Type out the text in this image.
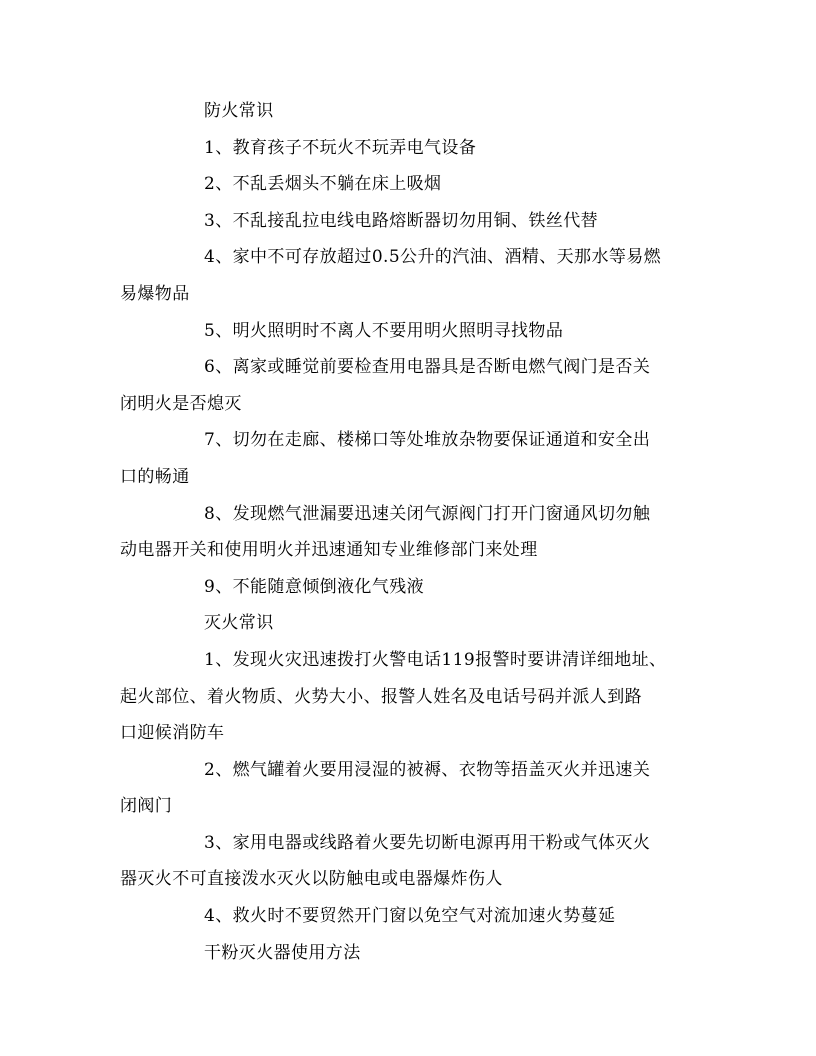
防火常识
1、教育孩子不玩火不玩弄电气设备
2、不乱丢烟头不躺在床上吸烟
3、不乱接乱拉电线电路熔断器切勿用铜、铁丝代替
4、家中不可存放超过0.5公升的汽油、酒精、天那水等易燃
易爆物品
5、明火照明时不离人不要用明火照明寻找物品
6、离家或睡觉前要检查用电器具是否断电燃气阀门是否关
闭明火是否熄灭
7、切勿在走廊、楼梯口等处堆放杂物要保证通道和安全出
口的畅通
8、发现燃气泄漏要迅速关闭气源阀门打开门窗通风切勿触
动电器开关和使用明火并迅速通知专业维修部门来处理
9、不能随意倾倒液化气残液
灭火常识
1、发现火灾迅速拨打火警电话119报警时要讲清详细地址、
起火部位、着火物质、火势大小、报警人姓名及电话号码并派人到路
口迎候消防车
2、燃气罐着火要用浸湿的被褥、衣物等捂盖灭火并迅速关
闭阀门
3、家用电器或线路着火要先切断电源再用干粉或气体灭火
器灭火不可直接泼水灭火以防触电或电器爆炸伤人
4、救火时不要贸然开门窗以免空气对流加速火势蔓延
干粉灭火器使用方法
